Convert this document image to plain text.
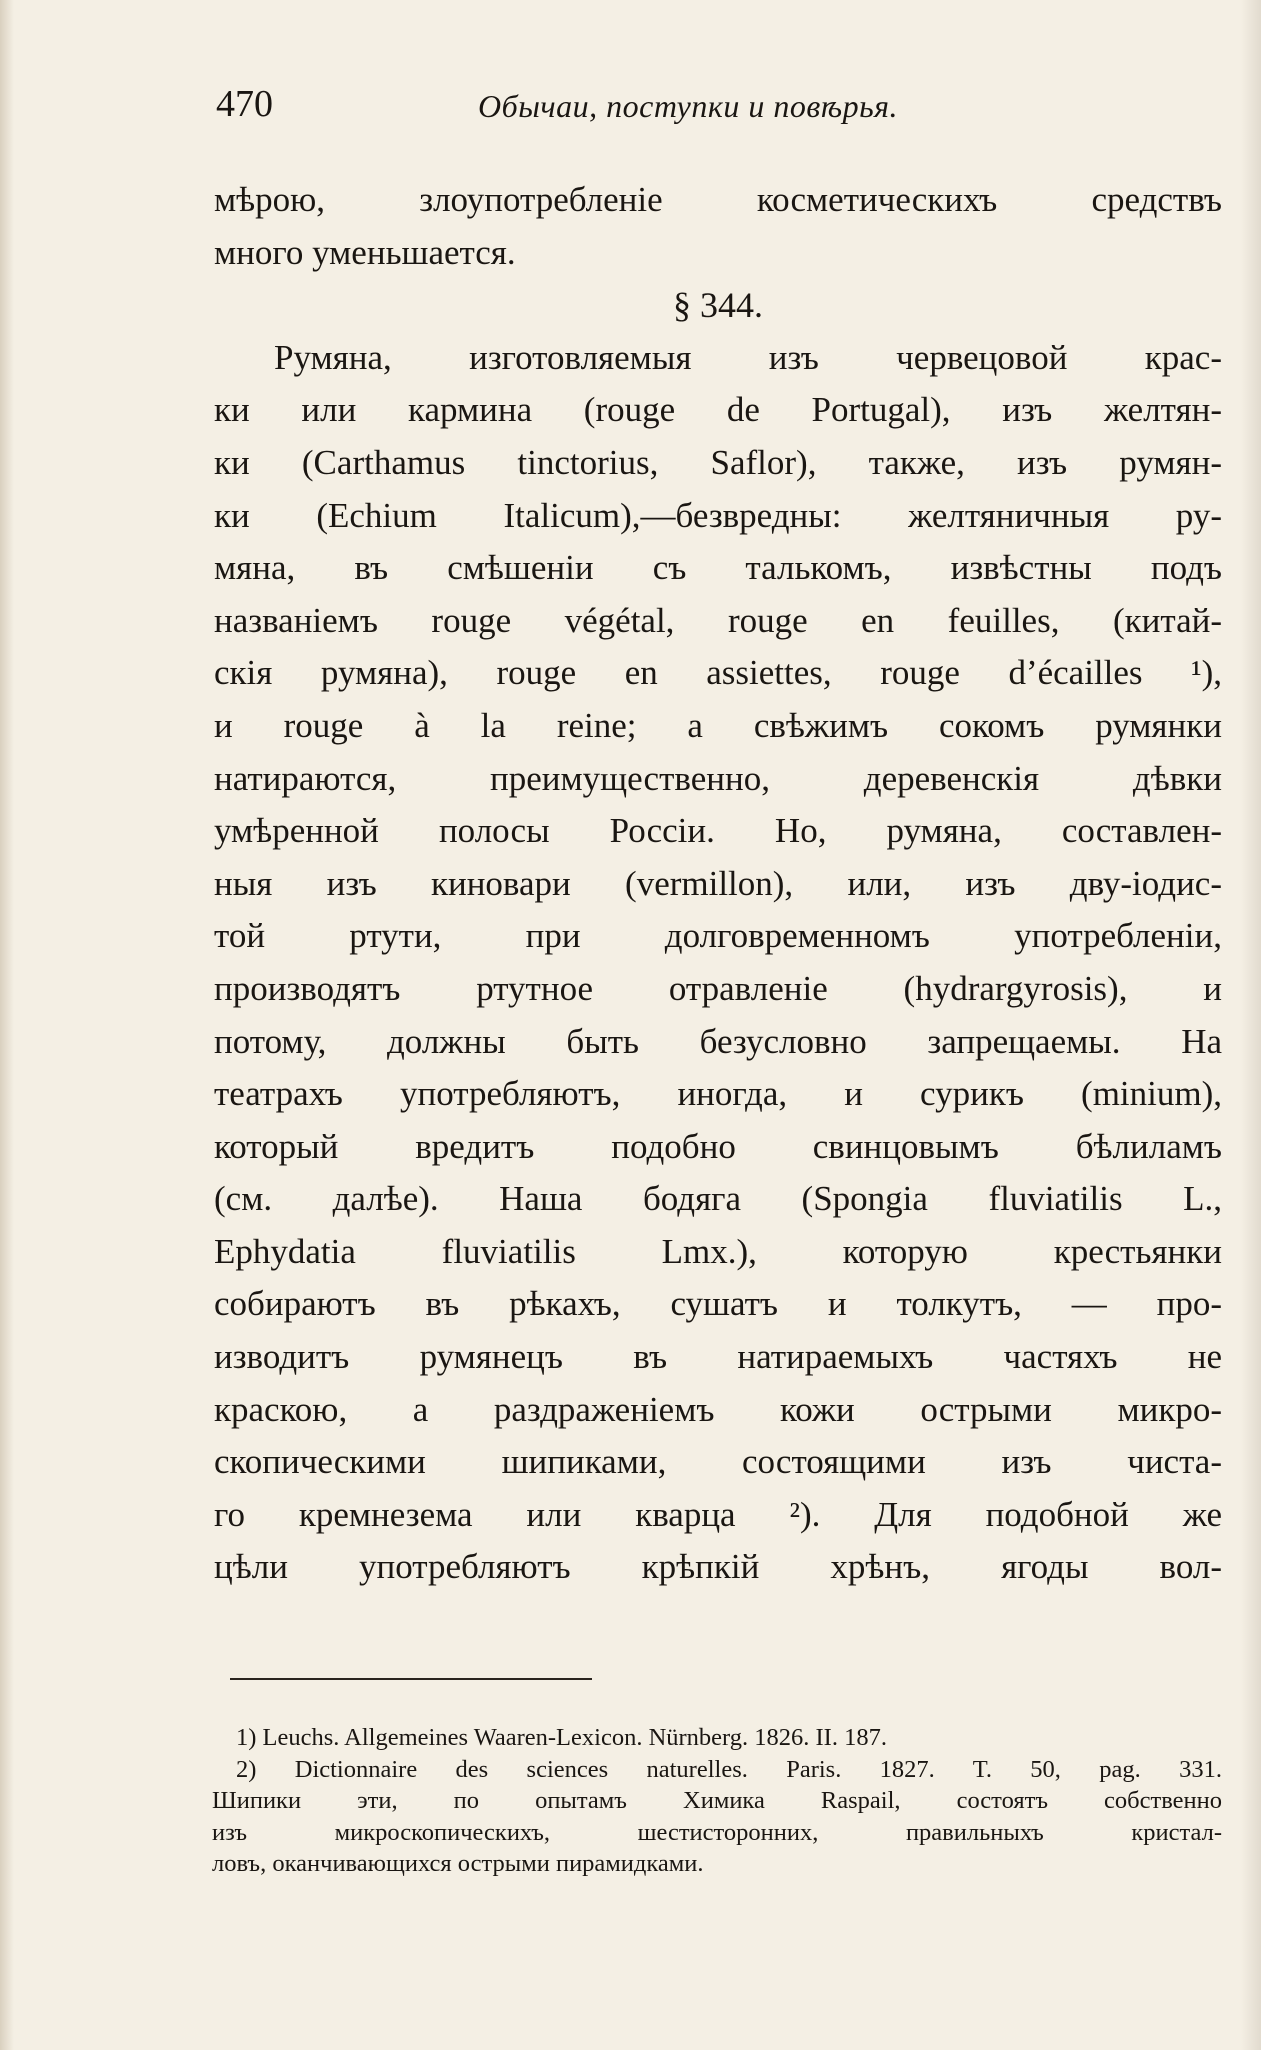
470	Обычаи, поступки и повѣрья.
мѣрою, злоупотребленіе косметическихъ средствъ
много уменьшается.
§ 344.
Румяна, изготовляемыя изъ червецовой крас-
ки или кармина (rouge de Portugal), изъ желтян-
ки (Carthamus tinctorius, Saflor), также, изъ румян-
ки (Echium Italicum),—безвредны: желтяничныя ру-
мяна, въ смѣшеніи съ талькомъ, извѣстны подъ
названіемъ rouge végétal, rouge en feuilles, (китай-
скія румяна), rouge en assiettes, rouge d’écailles ¹),
и rouge à la reine; а свѣжимъ сокомъ румянки
натираются, преимущественно, деревенскія дѣвки
умѣренной полосы Россіи. Но, румяна, составлен-
ныя изъ киновари (vermillon), или, изъ дву-іодис-
той ртути, при долговременномъ употребленіи,
производятъ ртутное отравленіе (hydrargyrosis), и
потому, должны быть безусловно запрещаемы. На
театрахъ употребляютъ, иногда, и сурикъ (minium),
который вредитъ подобно свинцовымъ бѣлиламъ
(см. далѣе). Наша бодяга (Spongia fluviatilis L.,
Ephydatia fluviatilis Lmx.), которую крестьянки
собираютъ въ рѣкахъ, сушатъ и толкутъ, — про-
изводитъ румянецъ въ натираемыхъ частяхъ не
краскою, а раздраженіемъ кожи острыми микро-
скопическими шипиками, состоящими изъ чиста-
го кремнезема или кварца ²). Для подобной же
цѣли употребляютъ крѣпкій хрѣнъ, ягоды вол-
1) Leuchs. Allgemeines Waaren-Lexicon. Nürnberg. 1826. II. 187.
2) Dictionnaire des sciences naturelles. Paris. 1827. T. 50, pag. 331.
Шипики эти, по опытамъ Химика Raspail, состоятъ собственно
изъ микроскопическихъ, шестисторонних, правильныхъ кристал-
ловъ, оканчивающихся острыми пирамидками.
